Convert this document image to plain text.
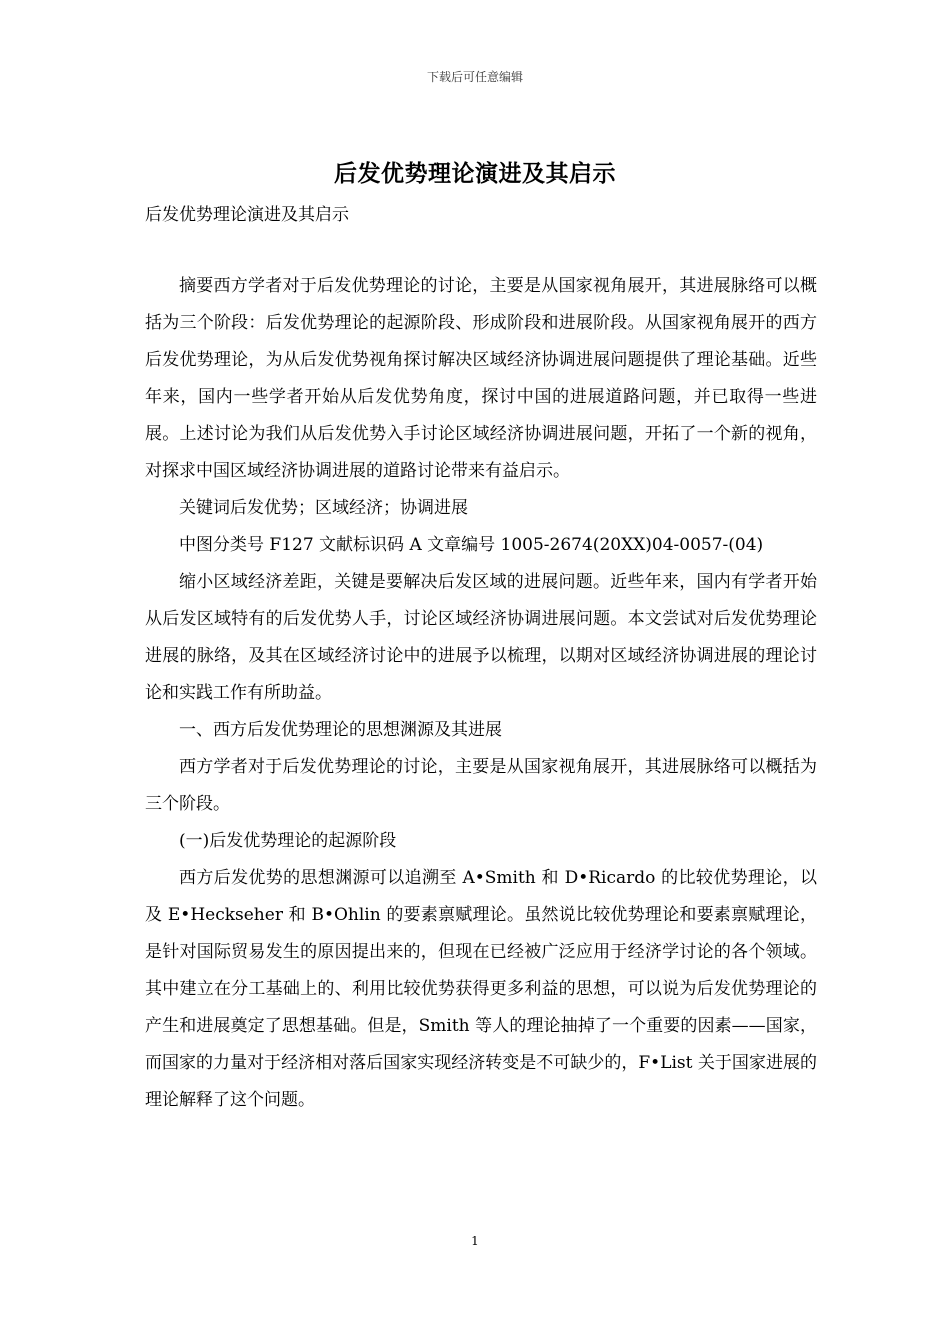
下载后可任意编辑
后发优势理论演进及其启示
后发优势理论演进及其启示

摘要西方学者对于后发优势理论的讨论，主要是从国家视角展开，其进展脉络可以概括为三个阶段：后发优势理论的起源阶段、形成阶段和进展阶段。从国家视角展开的西方后发优势理论，为从后发优势视角探讨解决区域经济协调进展问题提供了理论基础。近些年来，国内一些学者开始从后发优势角度，探讨中国的进展道路问题，并已取得一些进展。上述讨论为我们从后发优势入手讨论区域经济协调进展问题，开拓了一个新的视角，对探求中国区域经济协调进展的道路讨论带来有益启示。

关键词后发优势；区域经济；协调进展

中图分类号 F127 文献标识码 A 文章编号 1005-2674(20XX)04-0057-(04)

缩小区域经济差距，关键是要解决后发区域的进展问题。近些年来，国内有学者开始从后发区域特有的后发优势人手，讨论区域经济协调进展问题。本文尝试对后发优势理论进展的脉络，及其在区域经济讨论中的进展予以梳理，以期对区域经济协调进展的理论讨论和实践工作有所助益。

一、西方后发优势理论的思想渊源及其进展

西方学者对于后发优势理论的讨论，主要是从国家视角展开，其进展脉络可以概括为三个阶段。

(一)后发优势理论的起源阶段

西方后发优势的思想渊源可以追溯至 A•Smith 和 D•Ricardo 的比较优势理论，以及 E•Heckseher 和 B•Ohlin 的要素禀赋理论。虽然说比较优势理论和要素禀赋理论，是针对国际贸易发生的原因提出来的，但现在已经被广泛应用于经济学讨论的各个领域。其中建立在分工基础上的、利用比较优势获得更多利益的思想，可以说为后发优势理论的产生和进展奠定了思想基础。但是，Smith 等人的理论抽掉了一个重要的因素——国家，而国家的力量对于经济相对落后国家实现经济转变是不可缺少的，F•List 关于国家进展的理论解释了这个问题。

1
